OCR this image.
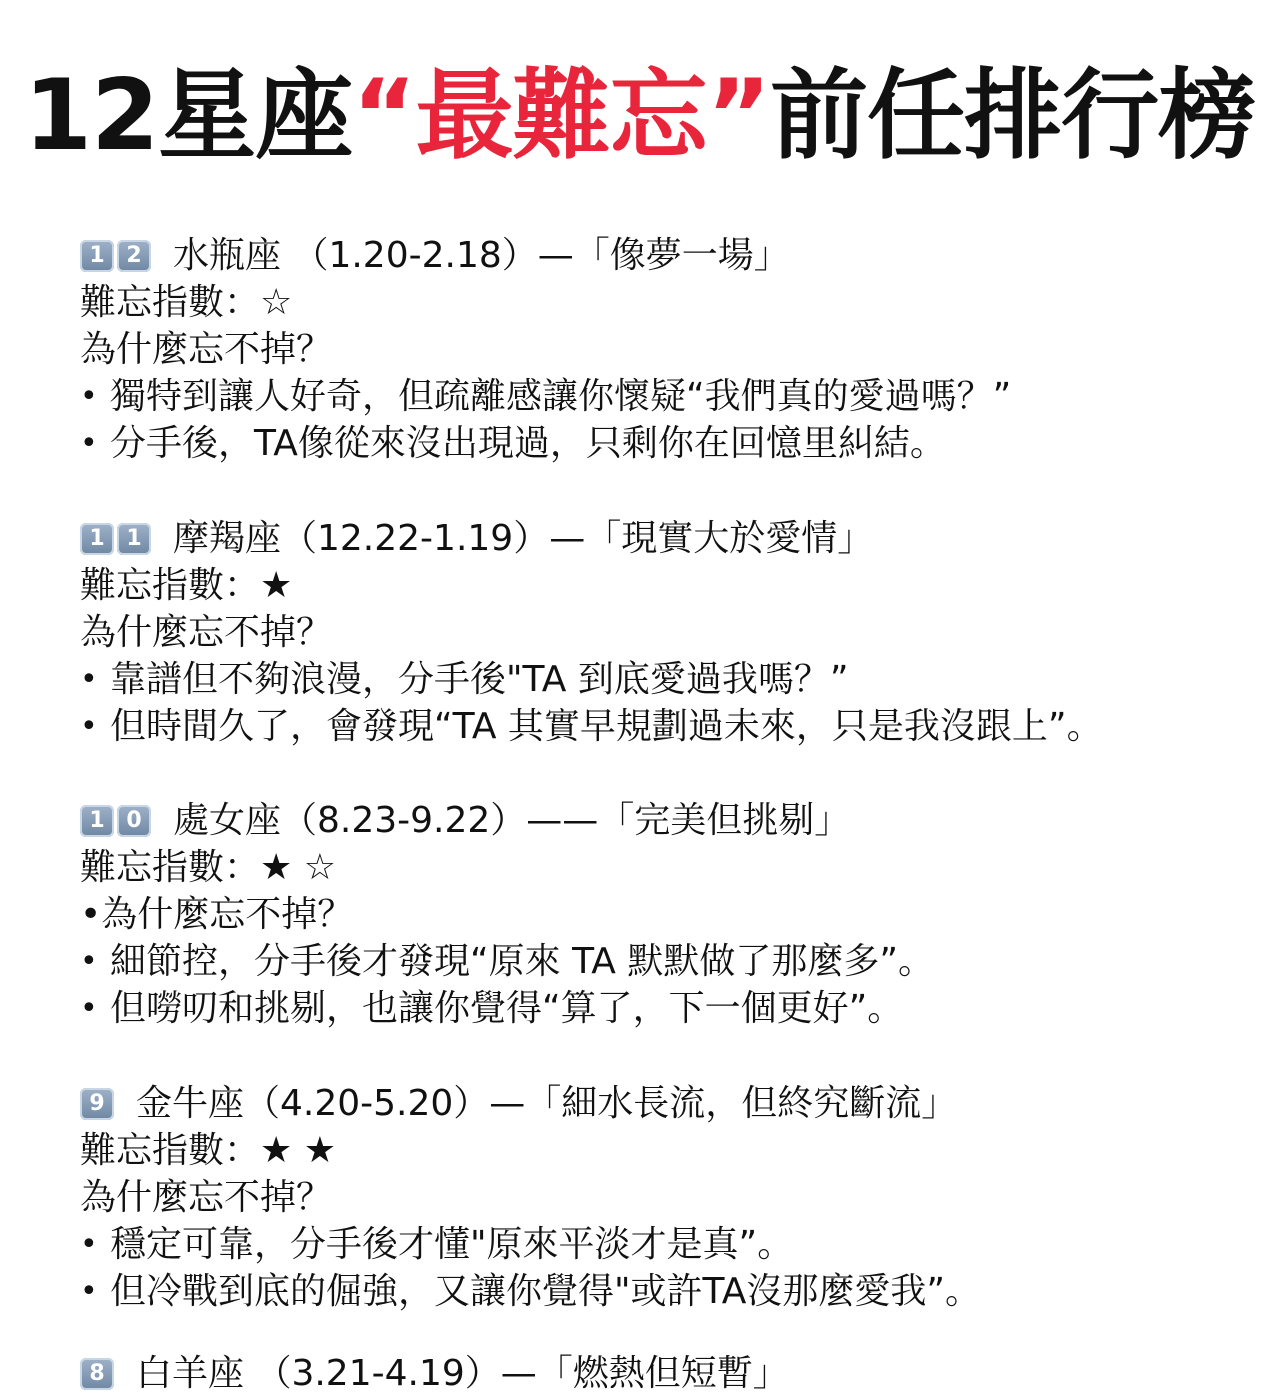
12星座“最難忘”前任排行榜
1 2 水瓶座 （1.20-2.18）—「像夢一場」
難忘指數：☆
為什麼忘不掉？
• 獨特到讓人好奇，但疏離感讓你懷疑“我們真的愛過嗎？”
• 分手後，TA像從來沒出現過，只剩你在回憶里糾結。
1 1 摩羯座（12.22-1.19）—「現實大於愛情」
難忘指數：★
為什麼忘不掉？
• 靠譜但不夠浪漫，分手後"TA 到底愛過我嗎？”
• 但時間久了，會發現“TA 其實早規劃過未來，只是我沒跟上”。
1 0 處女座（8.23-9.22）——「完美但挑剔」
難忘指數：★ ☆
•為什麼忘不掉？
• 細節控，分手後才發現“原來 TA 默默做了那麼多”。
• 但嘮叨和挑剔，也讓你覺得“算了，下一個更好”。
9 金牛座（4.20-5.20）—「細水長流，但終究斷流」
難忘指數：★ ★
為什麼忘不掉？
• 穩定可靠，分手後才懂"原來平淡才是真”。
• 但冷戰到底的倔強，又讓你覺得"或許TA沒那麼愛我”。
8 白羊座 （3.21-4.19）—「燃熱但短暫」
